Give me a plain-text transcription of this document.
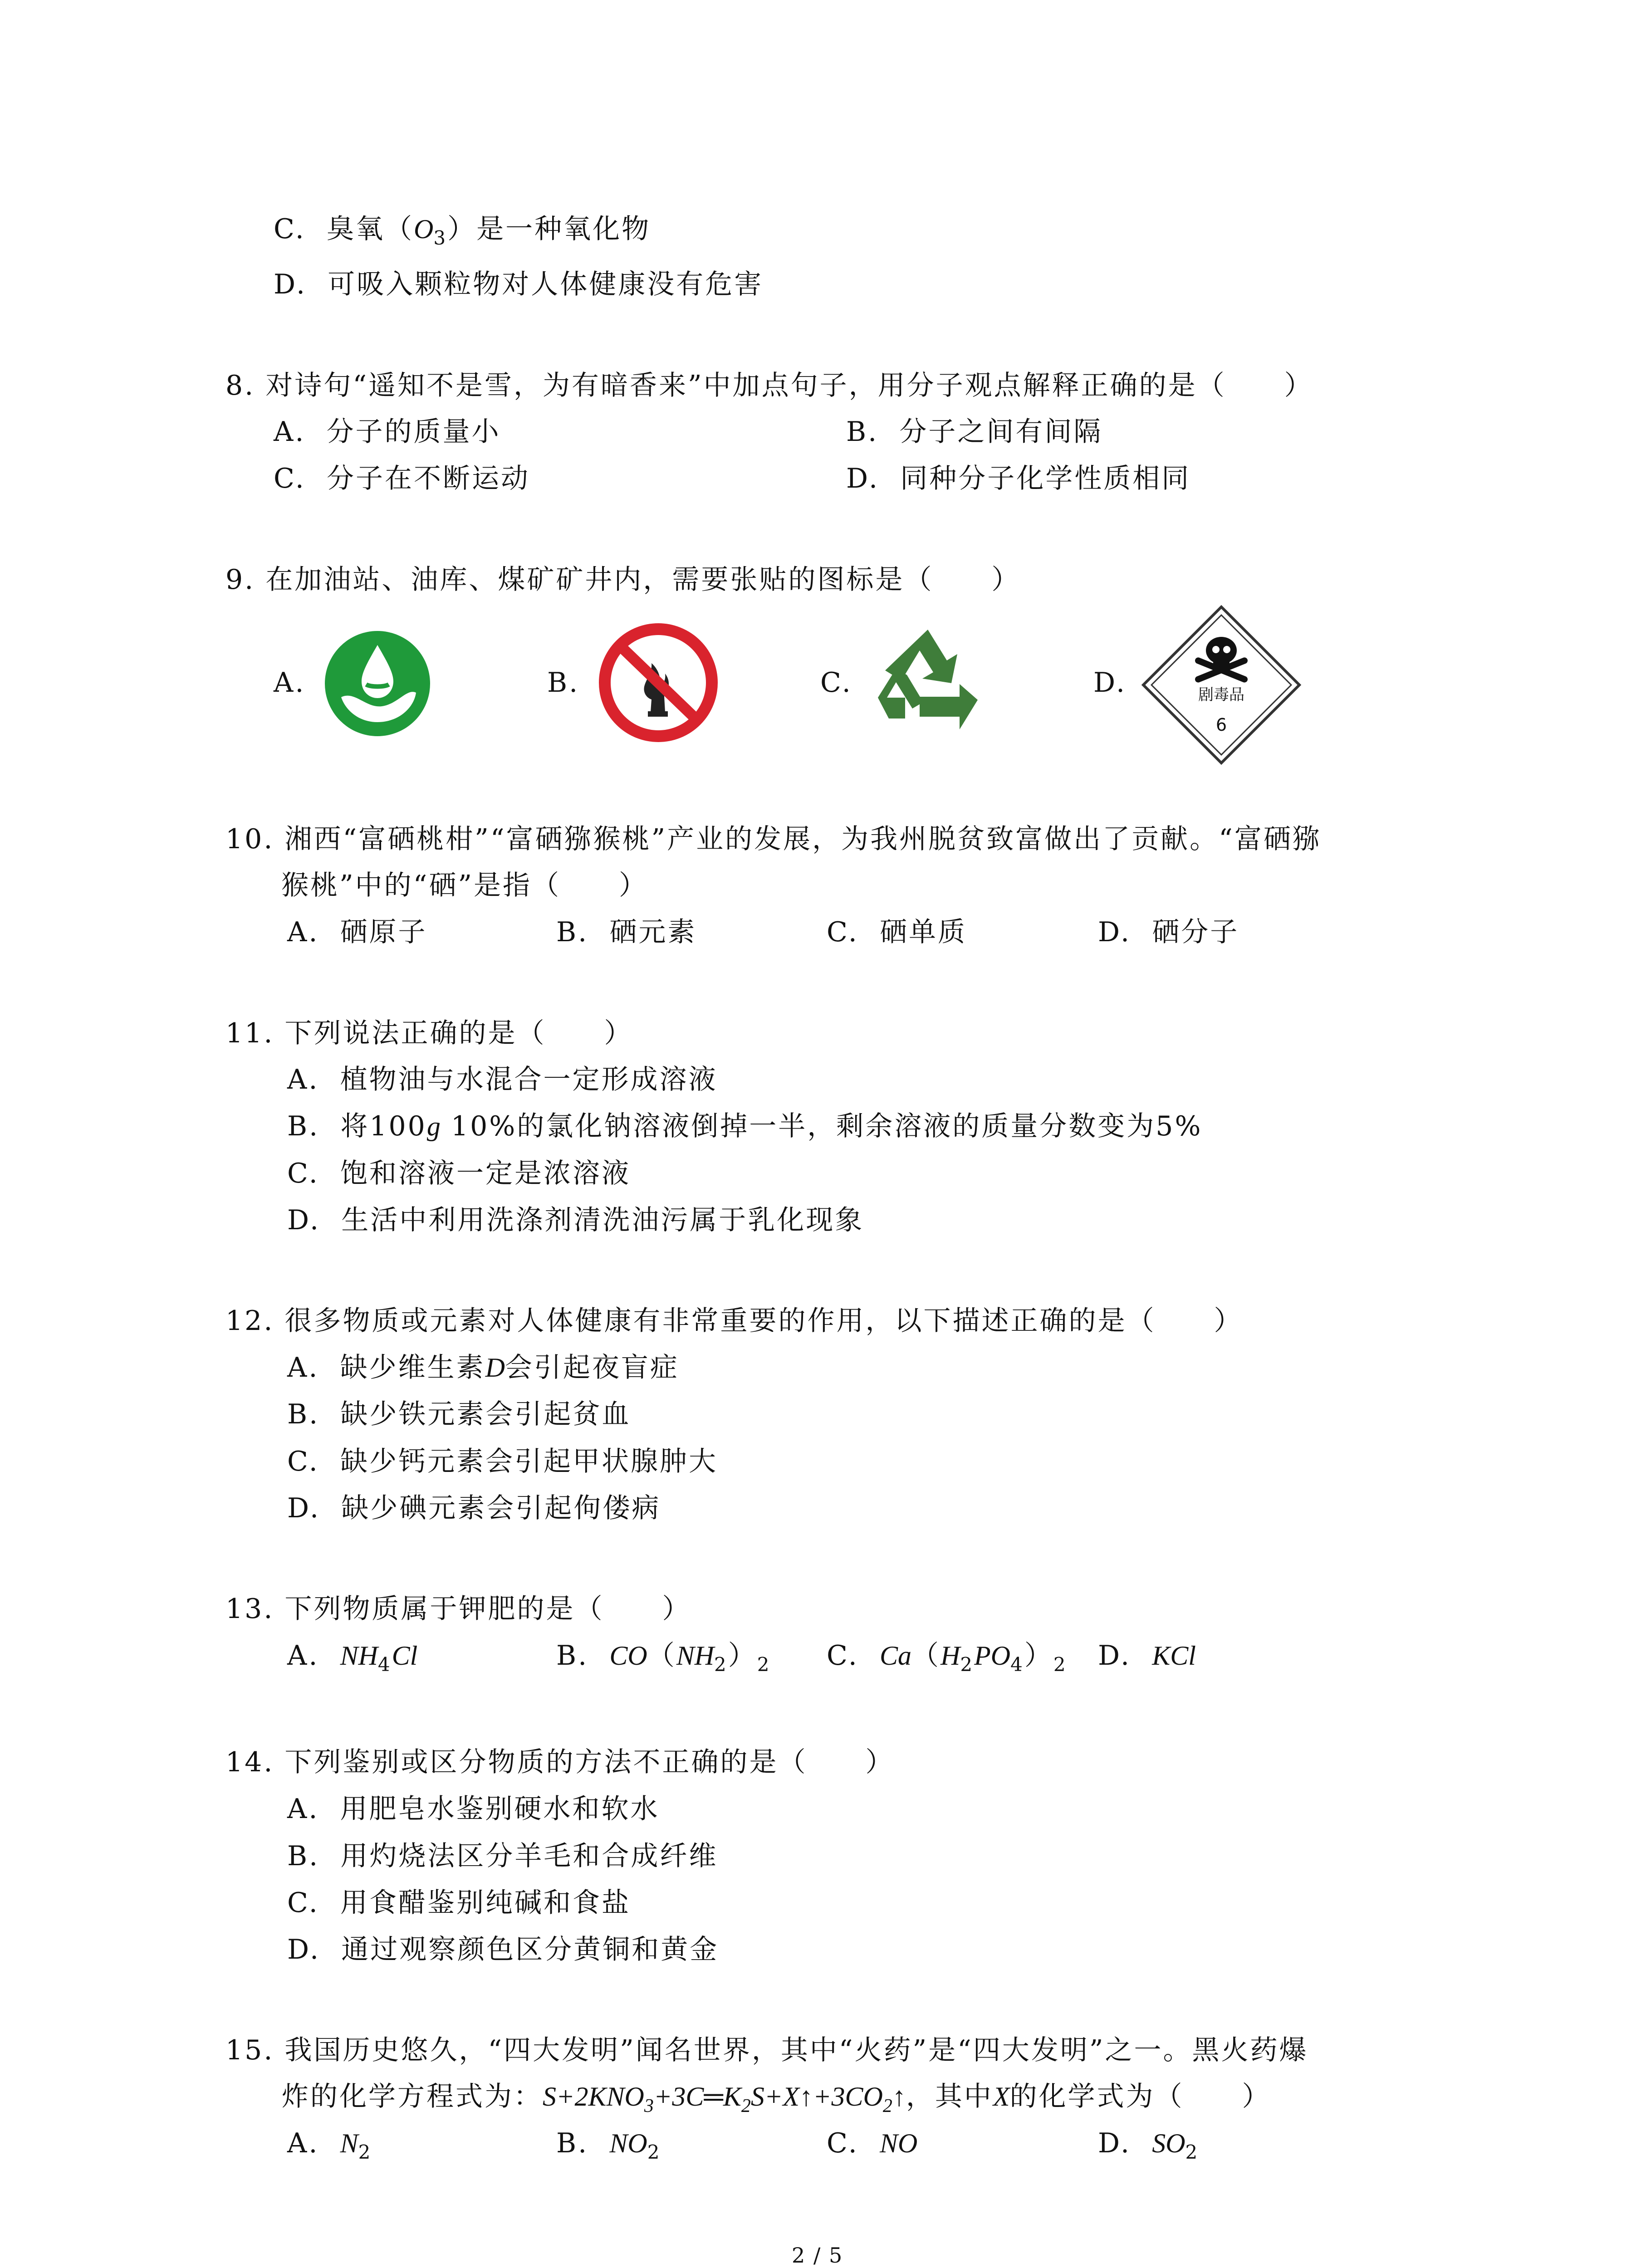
C. 臭氧$(O_3)$是一种氧化物
D. 可吸入颗粒物对人体健康没有危害
8. 对诗句“遥知不是雪，为有暗香来”中加点句子，用分子观点解释正确的是（　　）
A. 分子的质量小	B. 分子之间有间隔
C. 分子在不断运动	D. 同种分子化学性质相同
9. 在加油站、油库、煤矿矿井内，需要张贴的图标是（　　）
A.	B.	C.	D.	剧毒品
6
10. 湘西“富硒桃柑”“富硒猕猴桃”产业的发展，为我州脱贫致富做出了贡献。“富硒猕
猴桃”中的“硒”是指（　　）
A. 硒原子	B. 硒元素	C. 硒单质	D. 硒分子
11. 下列说法正确的是（　　）
A. 植物油与水混合一定形成溶液
B. 将100g 10%的氯化钠溶液倒掉一半，剩余溶液的质量分数变为5%
C. 饱和溶液一定是浓溶液
D. 生活中利用洗涤剂清洗油污属于乳化现象
12. 很多物质或元素对人体健康有非常重要的作用，以下描述正确的是（　　）
A. 缺少维生素D会引起夜盲症
B. 缺少铁元素会引起贫血
C. 缺少钙元素会引起甲状腺肿大
D. 缺少碘元素会引起佝偻病
13. 下列物质属于钾肥的是（　　）
A. $NH_4Cl$	B. $CO(NH_2)_2$ C. $Ca(H_2PO_4)_2$ D. KCl
14. 下列鉴别或区分物质的方法不正确的是（　　）
A. 用肥皂水鉴别硬水和软水
B. 用灼烧法区分羊毛和合成纤维
C. 用食醋鉴别纯碱和食盐
D. 通过观察颜色区分黄铜和黄金
15. 我国历史悠久，“四大发明”闻名世界，其中“火药”是“四大发明”之一。黑火药爆
炸的化学方程式为：$S+2KNO_3+3C═K_2S+X↑+3CO_2↑$，其中X的化学式为（　　）
A. $N_2$	B. $NO_2$	C. NO	D. $SO_2$
2 / 5
